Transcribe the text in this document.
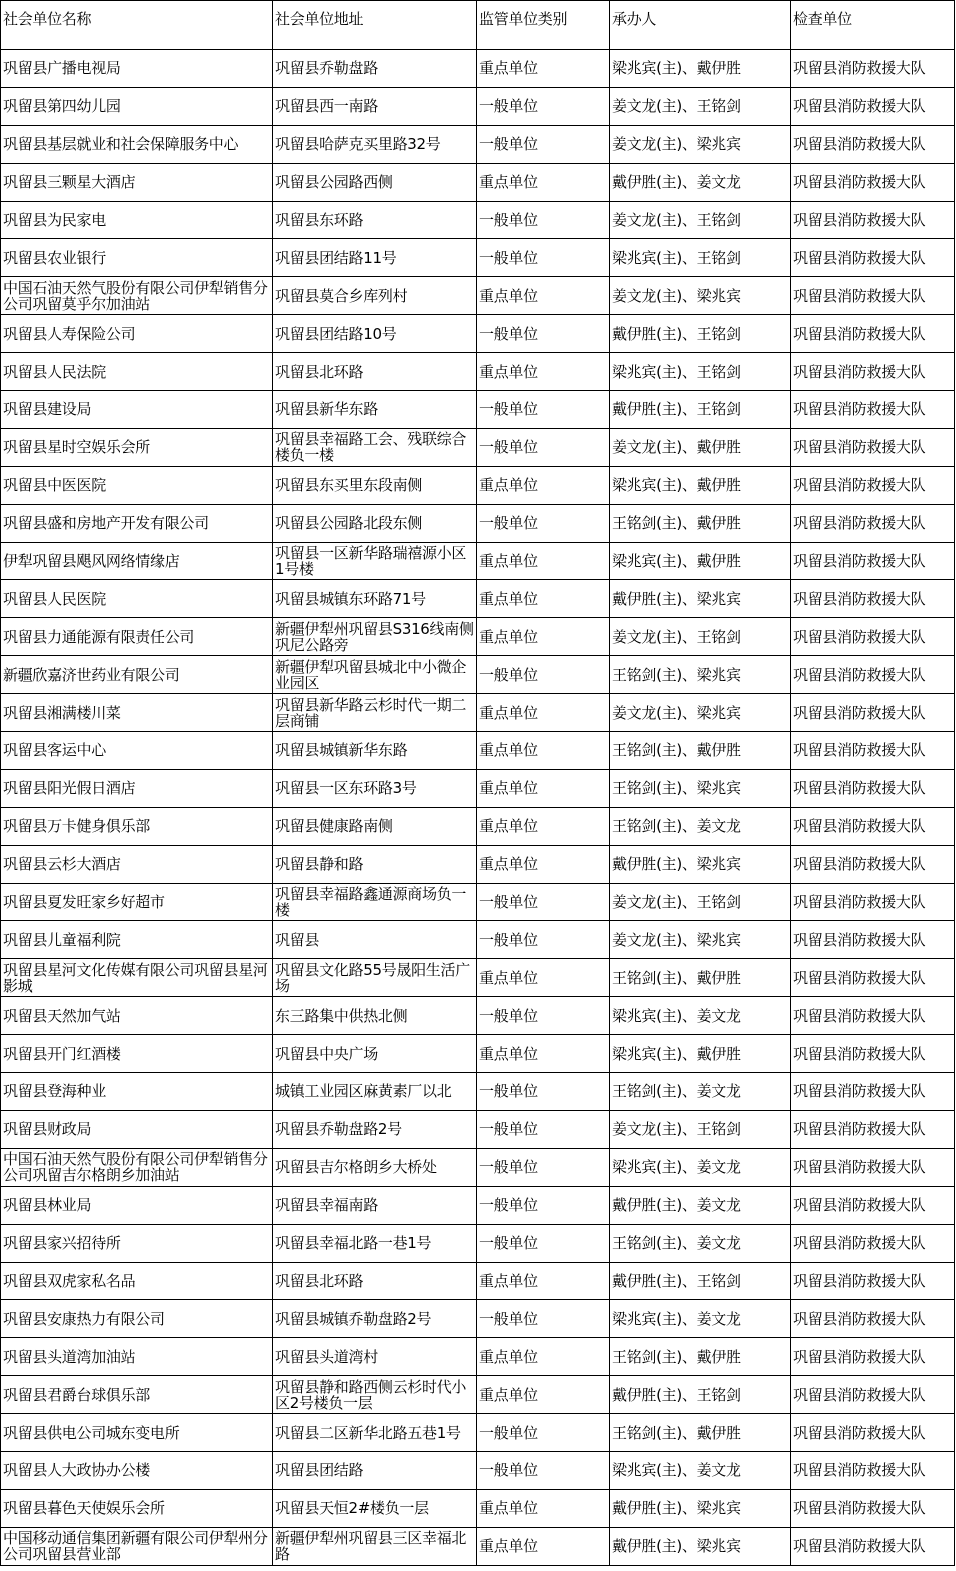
社会单位名称	社会单位地址	监管单位类别	承办人	检查单位
巩留县广播电视局	巩留县乔勒盘路	重点单位	梁兆宾(主)、戴伊胜	巩留县消防救援大队
巩留县第四幼儿园	巩留县西一南路	一般单位	姜文龙(主)、王铭剑	巩留县消防救援大队
巩留县基层就业和社会保障服务中心	巩留县哈萨克买里路32号	一般单位	姜文龙(主)、梁兆宾	巩留县消防救援大队
巩留县三颗星大酒店	巩留县公园路西侧	重点单位	戴伊胜(主)、姜文龙	巩留县消防救援大队
巩留县为民家电	巩留县东环路	一般单位	姜文龙(主)、王铭剑	巩留县消防救援大队
巩留县农业银行	巩留县团结路11号	一般单位	梁兆宾(主)、王铭剑	巩留县消防救援大队
中国石油天然气股份有限公司伊犁销售分公司巩留莫乎尔加油站	巩留县莫合乡库列村	重点单位	姜文龙(主)、梁兆宾	巩留县消防救援大队
巩留县人寿保险公司	巩留县团结路10号	一般单位	戴伊胜(主)、王铭剑	巩留县消防救援大队
巩留县人民法院	巩留县北环路	重点单位	梁兆宾(主)、王铭剑	巩留县消防救援大队
巩留县建设局	巩留县新华东路	一般单位	戴伊胜(主)、王铭剑	巩留县消防救援大队
巩留县星时空娱乐会所	巩留县幸福路工会、残联综合楼负一楼	一般单位	姜文龙(主)、戴伊胜	巩留县消防救援大队
巩留县中医医院	巩留县东买里东段南侧	重点单位	梁兆宾(主)、戴伊胜	巩留县消防救援大队
巩留县盛和房地产开发有限公司	巩留县公园路北段东侧	一般单位	王铭剑(主)、戴伊胜	巩留县消防救援大队
伊犁巩留县飓风网络情缘店	巩留县一区新华路瑞禧源小区1号楼	重点单位	梁兆宾(主)、戴伊胜	巩留县消防救援大队
巩留县人民医院	巩留县城镇东环路71号	重点单位	戴伊胜(主)、梁兆宾	巩留县消防救援大队
巩留县力通能源有限责任公司	新疆伊犁州巩留县S316线南侧巩尼公路旁	重点单位	姜文龙(主)、王铭剑	巩留县消防救援大队
新疆欣嘉济世药业有限公司	新疆伊犁巩留县城北中小微企业园区	一般单位	王铭剑(主)、梁兆宾	巩留县消防救援大队
巩留县湘满楼川菜	巩留县新华路云杉时代一期二层商铺	重点单位	姜文龙(主)、梁兆宾	巩留县消防救援大队
巩留县客运中心	巩留县城镇新华东路	重点单位	王铭剑(主)、戴伊胜	巩留县消防救援大队
巩留县阳光假日酒店	巩留县一区东环路3号	重点单位	王铭剑(主)、梁兆宾	巩留县消防救援大队
巩留县万卡健身俱乐部	巩留县健康路南侧	重点单位	王铭剑(主)、姜文龙	巩留县消防救援大队
巩留县云杉大酒店	巩留县静和路	重点单位	戴伊胜(主)、梁兆宾	巩留县消防救援大队
巩留县夏发旺家乡好超市	巩留县幸福路鑫通源商场负一楼	一般单位	姜文龙(主)、王铭剑	巩留县消防救援大队
巩留县儿童福利院	巩留县	一般单位	姜文龙(主)、梁兆宾	巩留县消防救援大队
巩留县星河文化传媒有限公司巩留县星河影城	巩留县文化路55号晟阳生活广场	重点单位	王铭剑(主)、戴伊胜	巩留县消防救援大队
巩留县天然加气站	东三路集中供热北侧	一般单位	梁兆宾(主)、姜文龙	巩留县消防救援大队
巩留县开门红酒楼	巩留县中央广场	重点单位	梁兆宾(主)、戴伊胜	巩留县消防救援大队
巩留县登海种业	城镇工业园区麻黄素厂以北	一般单位	王铭剑(主)、姜文龙	巩留县消防救援大队
巩留县财政局	巩留县乔勒盘路2号	一般单位	姜文龙(主)、王铭剑	巩留县消防救援大队
中国石油天然气股份有限公司伊犁销售分公司巩留吉尔格朗乡加油站	巩留县吉尔格朗乡大桥处	一般单位	梁兆宾(主)、姜文龙	巩留县消防救援大队
巩留县林业局	巩留县幸福南路	一般单位	戴伊胜(主)、姜文龙	巩留县消防救援大队
巩留县家兴招待所	巩留县幸福北路一巷1号	一般单位	王铭剑(主)、姜文龙	巩留县消防救援大队
巩留县双虎家私名品	巩留县北环路	重点单位	戴伊胜(主)、王铭剑	巩留县消防救援大队
巩留县安康热力有限公司	巩留县城镇乔勒盘路2号	一般单位	梁兆宾(主)、姜文龙	巩留县消防救援大队
巩留县头道湾加油站	巩留县头道湾村	重点单位	王铭剑(主)、戴伊胜	巩留县消防救援大队
巩留县君爵台球俱乐部	巩留县静和路西侧云杉时代小区2号楼负一层	重点单位	戴伊胜(主)、王铭剑	巩留县消防救援大队
巩留县供电公司城东变电所	巩留县二区新华北路五巷1号	一般单位	王铭剑(主)、戴伊胜	巩留县消防救援大队
巩留县人大政协办公楼	巩留县团结路	一般单位	梁兆宾(主)、姜文龙	巩留县消防救援大队
巩留县暮色天使娱乐会所	巩留县天恒2#楼负一层	重点单位	戴伊胜(主)、梁兆宾	巩留县消防救援大队
中国移动通信集团新疆有限公司伊犁州分公司巩留县营业部	新疆伊犁州巩留县三区幸福北路	重点单位	戴伊胜(主)、梁兆宾	巩留县消防救援大队
